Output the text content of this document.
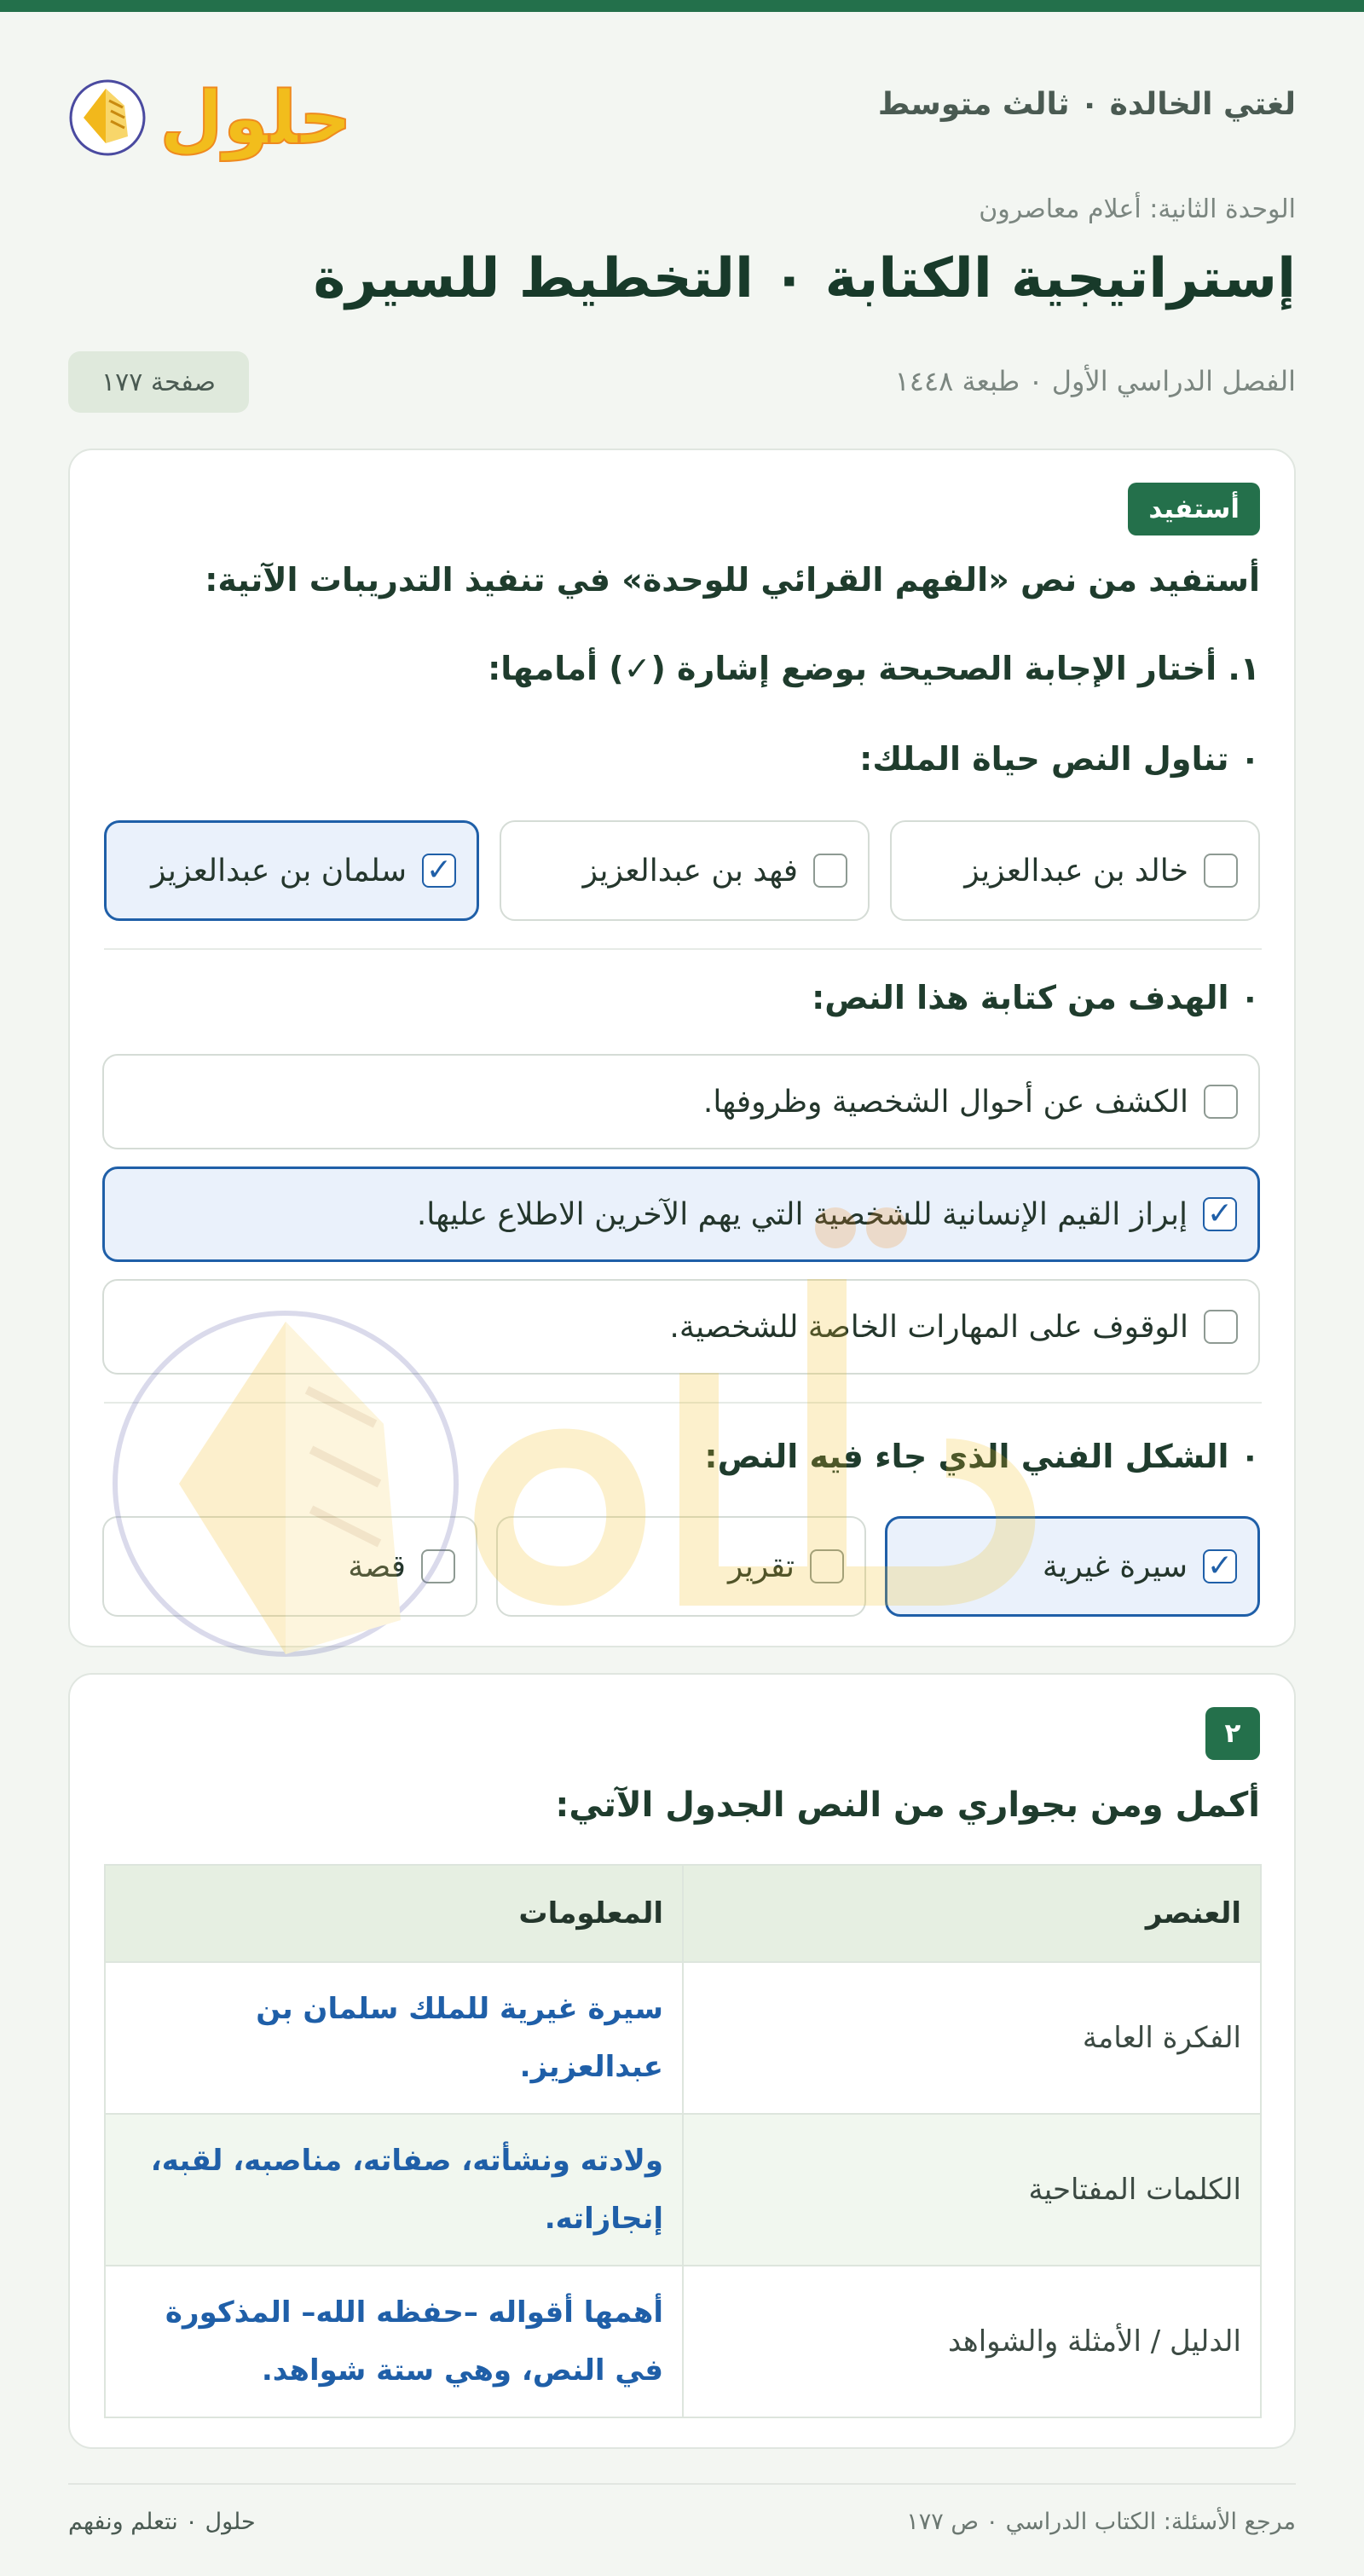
حلول	لغتي الخالدة ٠ ثالث متوسط
الوحدة الثانية: أعلام معاصرون
إستراتيجية الكتابة ٠ التخطيط للسيرة
الفصل الدراسي الأول ٠ طبعة ١٤٤٨
صفحة ١٧٧
أستفيد
أستفيد من نص «الفهم القرائي للوحدة» في تنفيذ التدريبات الآتية:
١. أختار الإجابة الصحيحة بوضع إشارة (✓) أمامها:
٠ تناول النص حياة الملك:
خالد بن عبدالعزيز
فهد بن عبدالعزيز
✓
سلمان بن عبدالعزيز
٠ الهدف من كتابة هذا النص:
الكشف عن أحوال الشخصية وظروفها.
✓
إبراز القيم الإنسانية للشخصية التي يهم الآخرين الاطلاع عليها.
الوقوف على المهارات الخاصة للشخصية.
٠ الشكل الفني الذي جاء فيه النص:
✓
سيرة غيرية
تقرير
قصة
٢
أكمل ومن بجواري من النص الجدول الآتي:
العنصر	المعلومات
الفكرة العامة	سيرة غيرية للملك سلمان بن عبدالعزيز.
الكلمات المفتاحية	ولادته ونشأته، صفاته، مناصبه، لقبه، إنجازاته.
الدليل / الأمثلة والشواهد	أهمها أقواله –حفظه الله– المذكورة في النص، وهي ستة شواهد.
مرجع الأسئلة: الكتاب الدراسي ٠ ص ١٧٧
حلول ٠ نتعلم ونفهم
